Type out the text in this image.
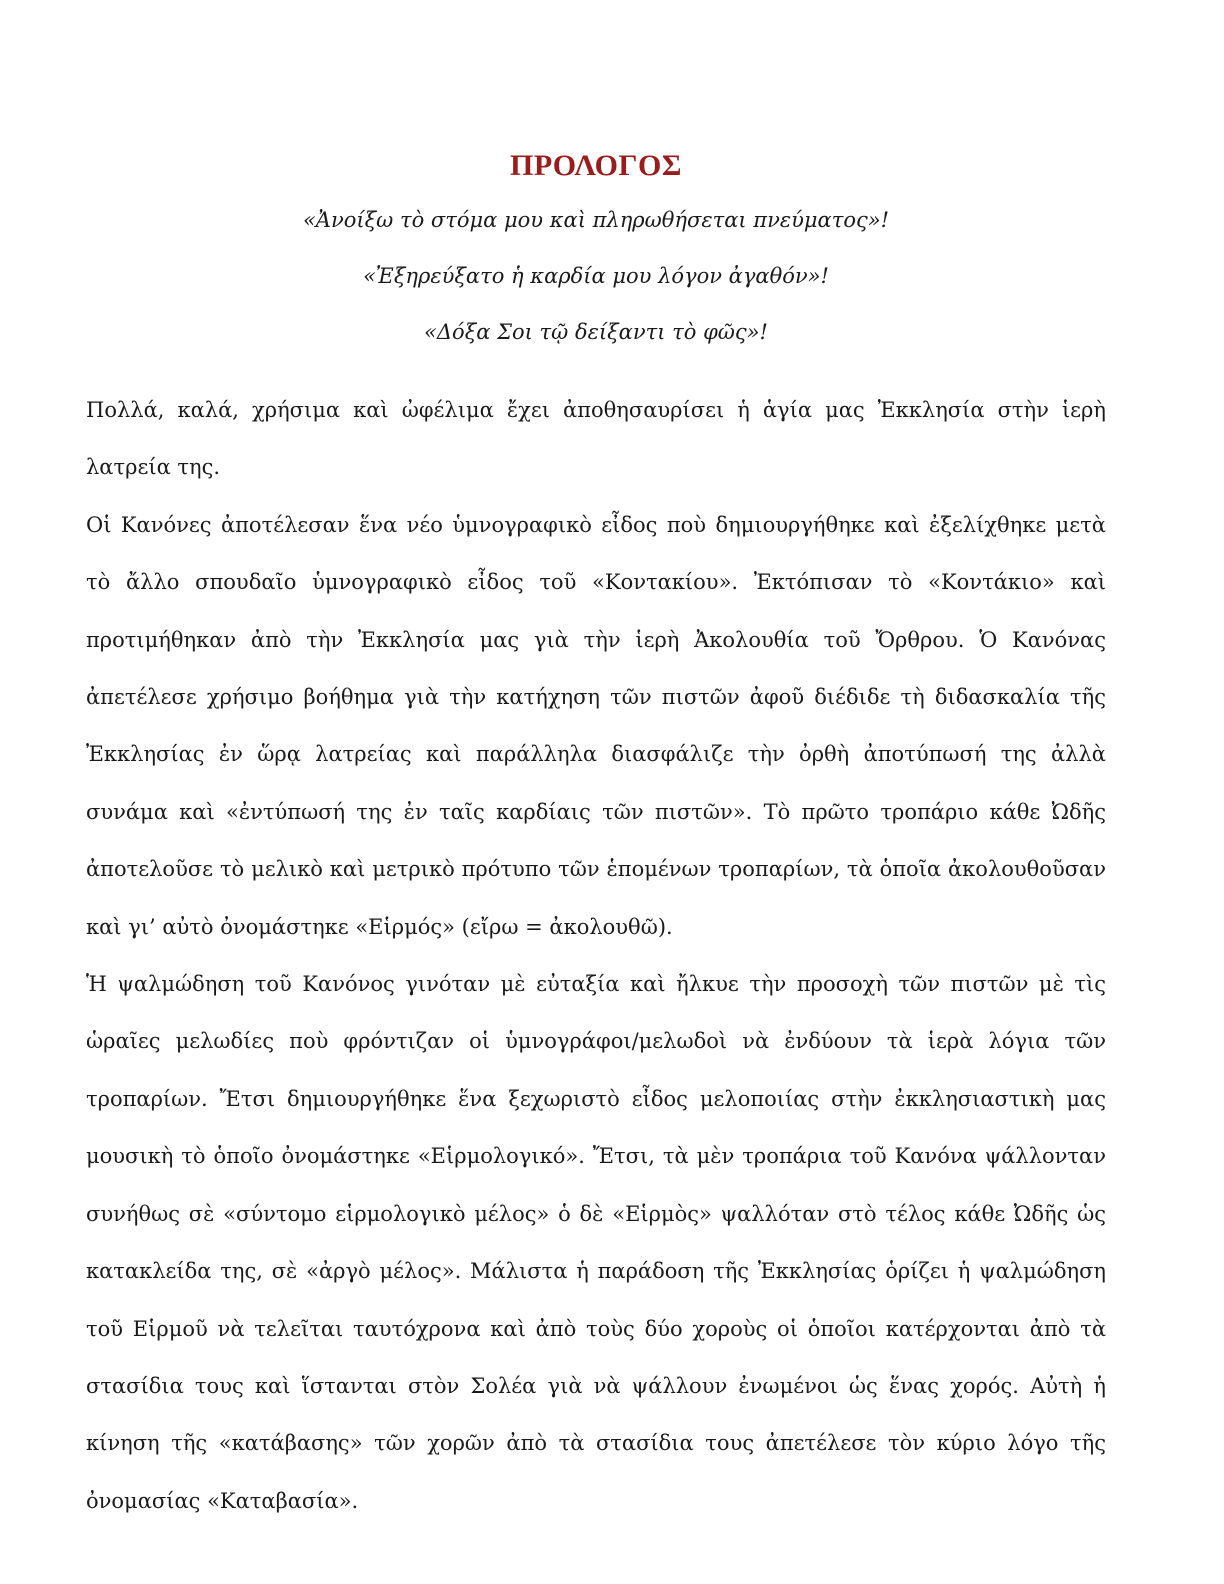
ΠΡΟΛΟΓΟΣ
«Ἀνοίξω τὸ στόμα μου καὶ πληρωθήσεται πνεύματος»!
«Ἐξηρεύξατο ἡ καρδία μου λόγον ἀγαθόν»!
«Δόξα Σοι τῷ δείξαντι τὸ φῶς»!

Πολλά, καλά, χρήσιμα καὶ ὠφέλιμα ἔχει ἀποθησαυρίσει ἡ ἁγία μας Ἐκκλησία στὴν ἱερὴ λατρεία της.

Οἱ Κανόνες ἀποτέλεσαν ἕνα νέο ὑμνογραφικὸ εἶδος ποὺ δημιουργήθηκε καὶ ἐξελίχθηκε μετὰ τὸ ἄλλο σπουδαῖο ὑμνογραφικὸ εἶδος τοῦ «Κοντακίου». Ἐκτόπισαν τὸ «Κοντάκιο» καὶ προτιμήθηκαν ἀπὸ τὴν Ἐκκλησία μας γιὰ τὴν ἱερὴ Ἀκολουθία τοῦ Ὄρθρου. Ὁ Κανόνας ἀπετέλεσε χρήσιμο βοήθημα γιὰ τὴν κατήχηση τῶν πιστῶν ἀφοῦ διέδιδε τὴ διδασκαλία τῆς Ἐκκλησίας ἐν ὥρᾳ λατρείας καὶ παράλληλα διασφάλιζε τὴν ὀρθὴ ἀποτύπωσή της ἀλλὰ συνάμα καὶ «ἐντύπωσή της ἐν ταῖς καρδίαις τῶν πιστῶν». Τὸ πρῶτο τροπάριο κάθε Ὠδῆς ἀποτελοῦσε τὸ μελικὸ καὶ μετρικὸ πρότυπο τῶν ἑπομένων τροπαρίων, τὰ ὁποῖα ἀκολουθοῦσαν καὶ γι’ αὐτὸ ὀνομάστηκε «Εἱρμός» (εἴρω = ἀκολουθῶ).

Ἡ ψαλμώδηση τοῦ Κανόνος γινόταν μὲ εὐταξία καὶ ἤλκυε τὴν προσοχὴ τῶν πιστῶν μὲ τὶς ὡραῖες μελωδίες ποὺ φρόντιζαν οἱ ὑμνογράφοι/μελωδοὶ νὰ ἐνδύουν τὰ ἱερὰ λόγια τῶν τροπαρίων. Ἔτσι δημιουργήθηκε ἕνα ξεχωριστὸ εἶδος μελοποιίας στὴν ἐκκλησιαστικὴ μας μουσικὴ τὸ ὁποῖο ὀνομάστηκε «Εἱρμολογικό». Ἔτσι, τὰ μὲν τροπάρια τοῦ Κανόνα ψάλλονταν συνήθως σὲ «σύντομο εἱρμολογικὸ μέλος» ὁ δὲ «Εἱρμὸς» ψαλλόταν στὸ τέλος κάθε Ὠδῆς ὡς κατακλείδα της, σὲ «ἀργὸ μέλος». Μάλιστα ἡ παράδοση τῆς Ἐκκλησίας ὁρίζει ἡ ψαλμώδηση τοῦ Εἱρμοῦ νὰ τελεῖται ταυτόχρονα καὶ ἀπὸ τοὺς δύο χοροὺς οἱ ὁποῖοι κατέρχονται ἀπὸ τὰ στασίδια τους καὶ ἵστανται στὸν Σολέα γιὰ νὰ ψάλλουν ἐνωμένοι ὡς ἕνας χορός. Αὐτὴ ἡ κίνηση τῆς «κατάβασης» τῶν χορῶν ἀπὸ τὰ στασίδια τους ἀπετέλεσε τὸν κύριο λόγο τῆς ὀνομασίας «Καταβασία».
